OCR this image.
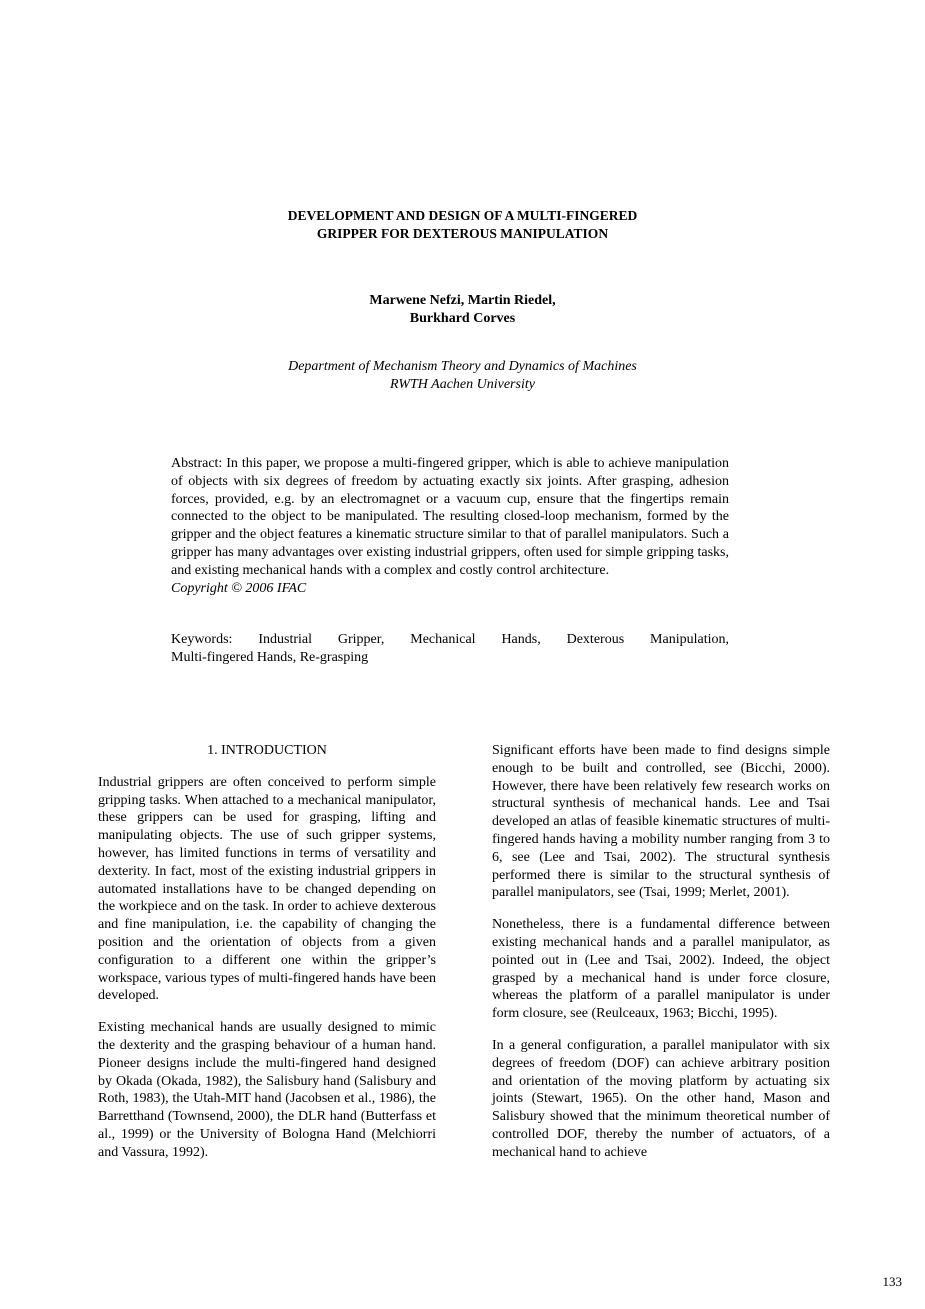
DEVELOPMENT AND DESIGN OF A MULTI-FINGERED
GRIPPER FOR DEXTEROUS MANIPULATION
Marwene Nefzi, Martin Riedel,
Burkhard Corves
Department of Mechanism Theory and Dynamics of Machines
RWTH Aachen University

Abstract: In this paper, we propose a multi-fingered gripper, which is able to achieve manipulation of objects with six degrees of freedom by actuating exactly six joints. After grasping, adhesion forces, provided, e.g. by an electromagnet or a vacuum cup, ensure that the fingertips remain connected to the object to be manipulated. The resulting closed-loop mechanism, formed by the gripper and the object features a kinematic structure similar to that of parallel manipulators. Such a gripper has many advantages over existing industrial grippers, often used for simple gripping tasks, and existing mechanical hands with a complex and costly control architecture.

Copyright © 2006 IFAC
Keywords: Industrial Gripper, Mechanical Hands, Dexterous Manipulation,
Multi-fingered Hands, Re-grasping
1. INTRODUCTION

Industrial grippers are often conceived to perform simple gripping tasks. When attached to a mechanical manipulator, these grippers can be used for grasping, lifting and manipulating objects. The use of such gripper systems, however, has limited functions in terms of versatility and dexterity. In fact, most of the existing industrial grippers in automated installations have to be changed depending on the workpiece and on the task. In order to achieve dexterous and fine manipulation, i.e. the capability of changing the position and the orientation of objects from a given configuration to a different one within the gripper’s workspace, various types of multi-fingered hands have been developed.

Existing mechanical hands are usually designed to mimic the dexterity and the grasping behaviour of a human hand. Pioneer designs include the multi-fingered hand designed by Okada (Okada, 1982), the Salisbury hand (Salisbury and Roth, 1983), the Utah-MIT hand (Jacobsen et al., 1986), the Barretthand (Townsend, 2000), the DLR hand (Butterfass et al., 1999) or the University of Bologna Hand (Melchiorri and Vassura, 1992).

Significant efforts have been made to find designs simple enough to be built and controlled, see (Bicchi, 2000). However, there have been relatively few research works on structural synthesis of mechanical hands. Lee and Tsai developed an atlas of feasible kinematic structures of multi-fingered hands having a mobility number ranging from 3 to 6, see (Lee and Tsai, 2002). The structural synthesis performed there is similar to the structural synthesis of parallel manipulators, see (Tsai, 1999; Merlet, 2001).

Nonetheless, there is a fundamental difference between existing mechanical hands and a parallel manipulator, as pointed out in (Lee and Tsai, 2002). Indeed, the object grasped by a mechanical hand is under force closure, whereas the platform of a parallel manipulator is under form closure, see (Reulceaux, 1963; Bicchi, 1995).

In a general configuration, a parallel manipulator with six degrees of freedom (DOF) can achieve arbitrary position and orientation of the moving platform by actuating six joints (Stewart, 1965). On the other hand, Mason and Salisbury showed that the minimum theoretical number of controlled DOF, thereby the number of actuators, of a mechanical hand to achieve

133
